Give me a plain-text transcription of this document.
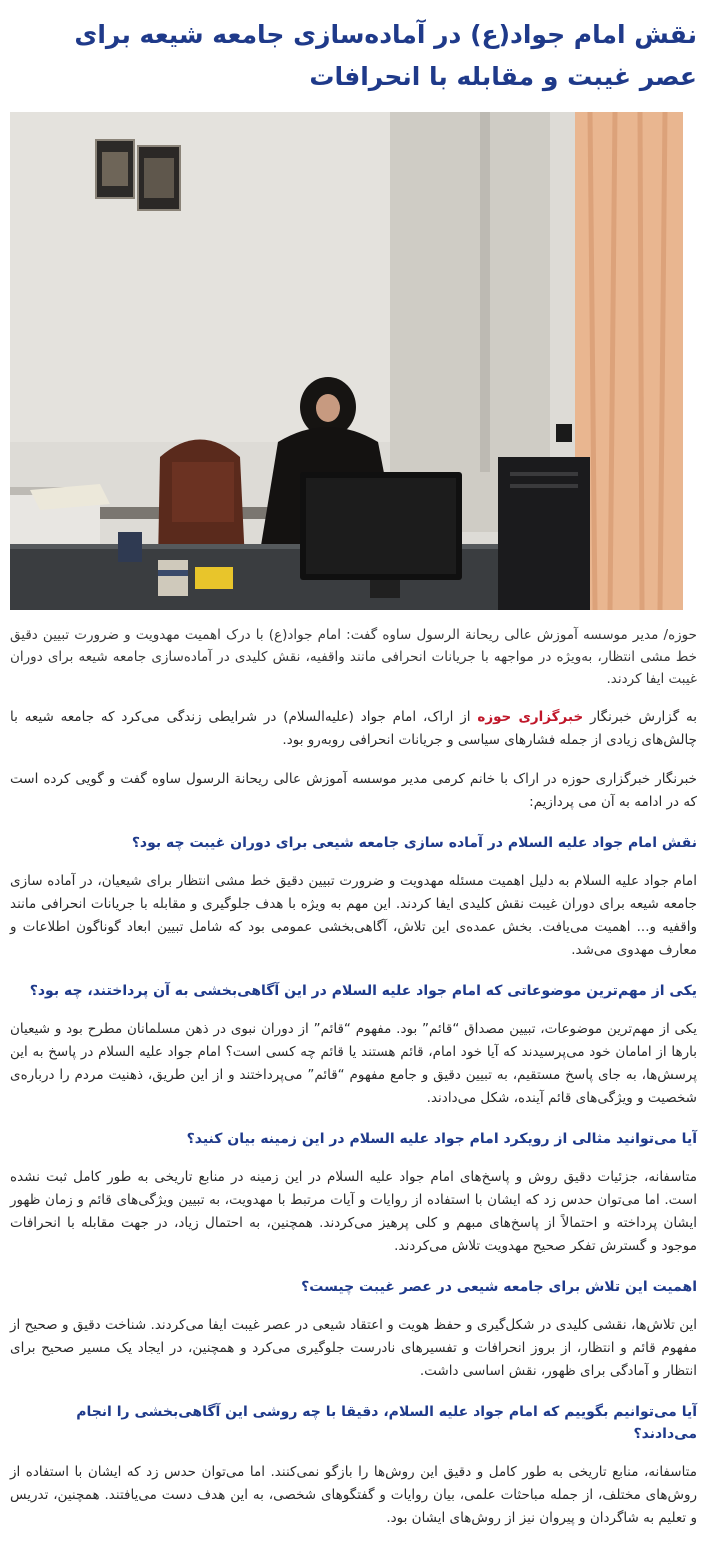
نقش امام جواد(ع) در آماده‌سازی جامعه شیعه برای عصر غیبت و مقابله با انحرافات

حوزه/ مدیر موسسه آموزش عالی ریحانة الرسول ساوه گفت: امام جواد(ع) با درک اهمیت مهدویت و ضرورت تبیین دقیق خط مشی انتظار، به‌ویژه در مواجهه با جریانات انحرافی مانند واقفیه، نقش کلیدی در آماده‌سازی جامعه شیعه برای دوران غیبت ایفا کردند.

به گزارش خبرنگار خبرگزاری حوزه از اراک، امام جواد (علیه‌السلام) در شرایطی زندگی می‌کرد که جامعه شیعه با چالش‌های زیادی از جمله فشارهای سیاسی و جریانات انحرافی روبه‌رو بود.

خبرنگار خبرگزاری حوزه در اراک با خانم کرمی مدیر موسسه آموزش عالی ریحانة الرسول ساوه گفت و گویی کرده است که در ادامه به آن می پردازیم:

نقش امام جواد علیه السلام در آماده سازی جامعه شیعی برای دوران غیبت چه بود؟

امام جواد علیه السلام به دلیل اهمیت مسئله مهدویت و ضرورت تبیین دقیق خط مشی انتظار برای شیعیان، در آماده سازی جامعه شیعه برای دوران غیبت نقش کلیدی ایفا کردند. این مهم به ویژه با هدف جلوگیری و مقابله با جریانات انحرافی مانند واقفیه و... اهمیت می‌یافت. بخش عمده‌ی این تلاش، آگاهی‌بخشی عمومی بود که شامل تبیین ابعاد گوناگون اطلاعات و معارف مهدوی می‌شد.

یکی از مهم‌ترین موضوعاتی که امام جواد علیه السلام در این آگاهی‌بخشی به آن پرداختند، چه بود؟

یکی از مهم‌ترین موضوعات، تبیین مصداق “قائم” بود. مفهوم “قائم” از دوران نبوی در ذهن مسلمانان مطرح بود و شیعیان بارها از امامان خود می‌پرسیدند که آیا خود امام، قائم هستند یا قائم چه کسی است؟ امام جواد علیه السلام در پاسخ به این پرسش‌ها، به جای پاسخ مستقیم، به تبیین دقیق و جامع مفهوم “قائم” می‌پرداختند و از این طریق، ذهنیت مردم را درباره‌ی شخصیت و ویژگی‌های قائم آینده، شکل می‌دادند.

آیا می‌توانید مثالی از رویکرد امام جواد علیه السلام در این زمینه بیان کنید؟

متاسفانه، جزئیات دقیق روش و پاسخ‌های امام جواد علیه السلام در این زمینه در منابع تاریخی به طور کامل ثبت نشده است. اما می‌توان حدس زد که ایشان با استفاده از روایات و آیات مرتبط با مهدویت، به تبیین ویژگی‌های قائم و زمان ظهور ایشان پرداخته و احتمالاً از پاسخ‌های مبهم و کلی پرهیز می‌کردند. همچنین، به احتمال زیاد، در جهت مقابله با انحرافات موجود و گسترش تفکر صحیح مهدویت تلاش می‌کردند.

اهمیت این تلاش برای جامعه شیعی در عصر غیبت چیست؟

این تلاش‌ها، نقشی کلیدی در شکل‌گیری و حفظ هویت و اعتقاد شیعی در عصر غیبت ایفا می‌کردند. شناخت دقیق و صحیح از مفهوم قائم و انتظار، از بروز انحرافات و تفسیرهای نادرست جلوگیری می‌کرد و همچنین، در ایجاد یک مسیر صحیح برای انتظار و آمادگی برای ظهور، نقش اساسی داشت.

آیا می‌توانیم بگوییم که امام جواد علیه السلام، دقیقا با چه روشی این آگاهی‌بخشی را انجام می‌دادند؟

متاسفانه، منابع تاریخی به طور کامل و دقیق این روش‌ها را بازگو نمی‌کنند. اما می‌توان حدس زد که ایشان با استفاده از روش‌های مختلف، از جمله مباحثات علمی، بیان روایات و گفتگوهای شخصی، به این هدف دست می‌یافتند. همچنین، تدریس و تعلیم به شاگردان و پیروان نیز از روش‌های ایشان بود.
